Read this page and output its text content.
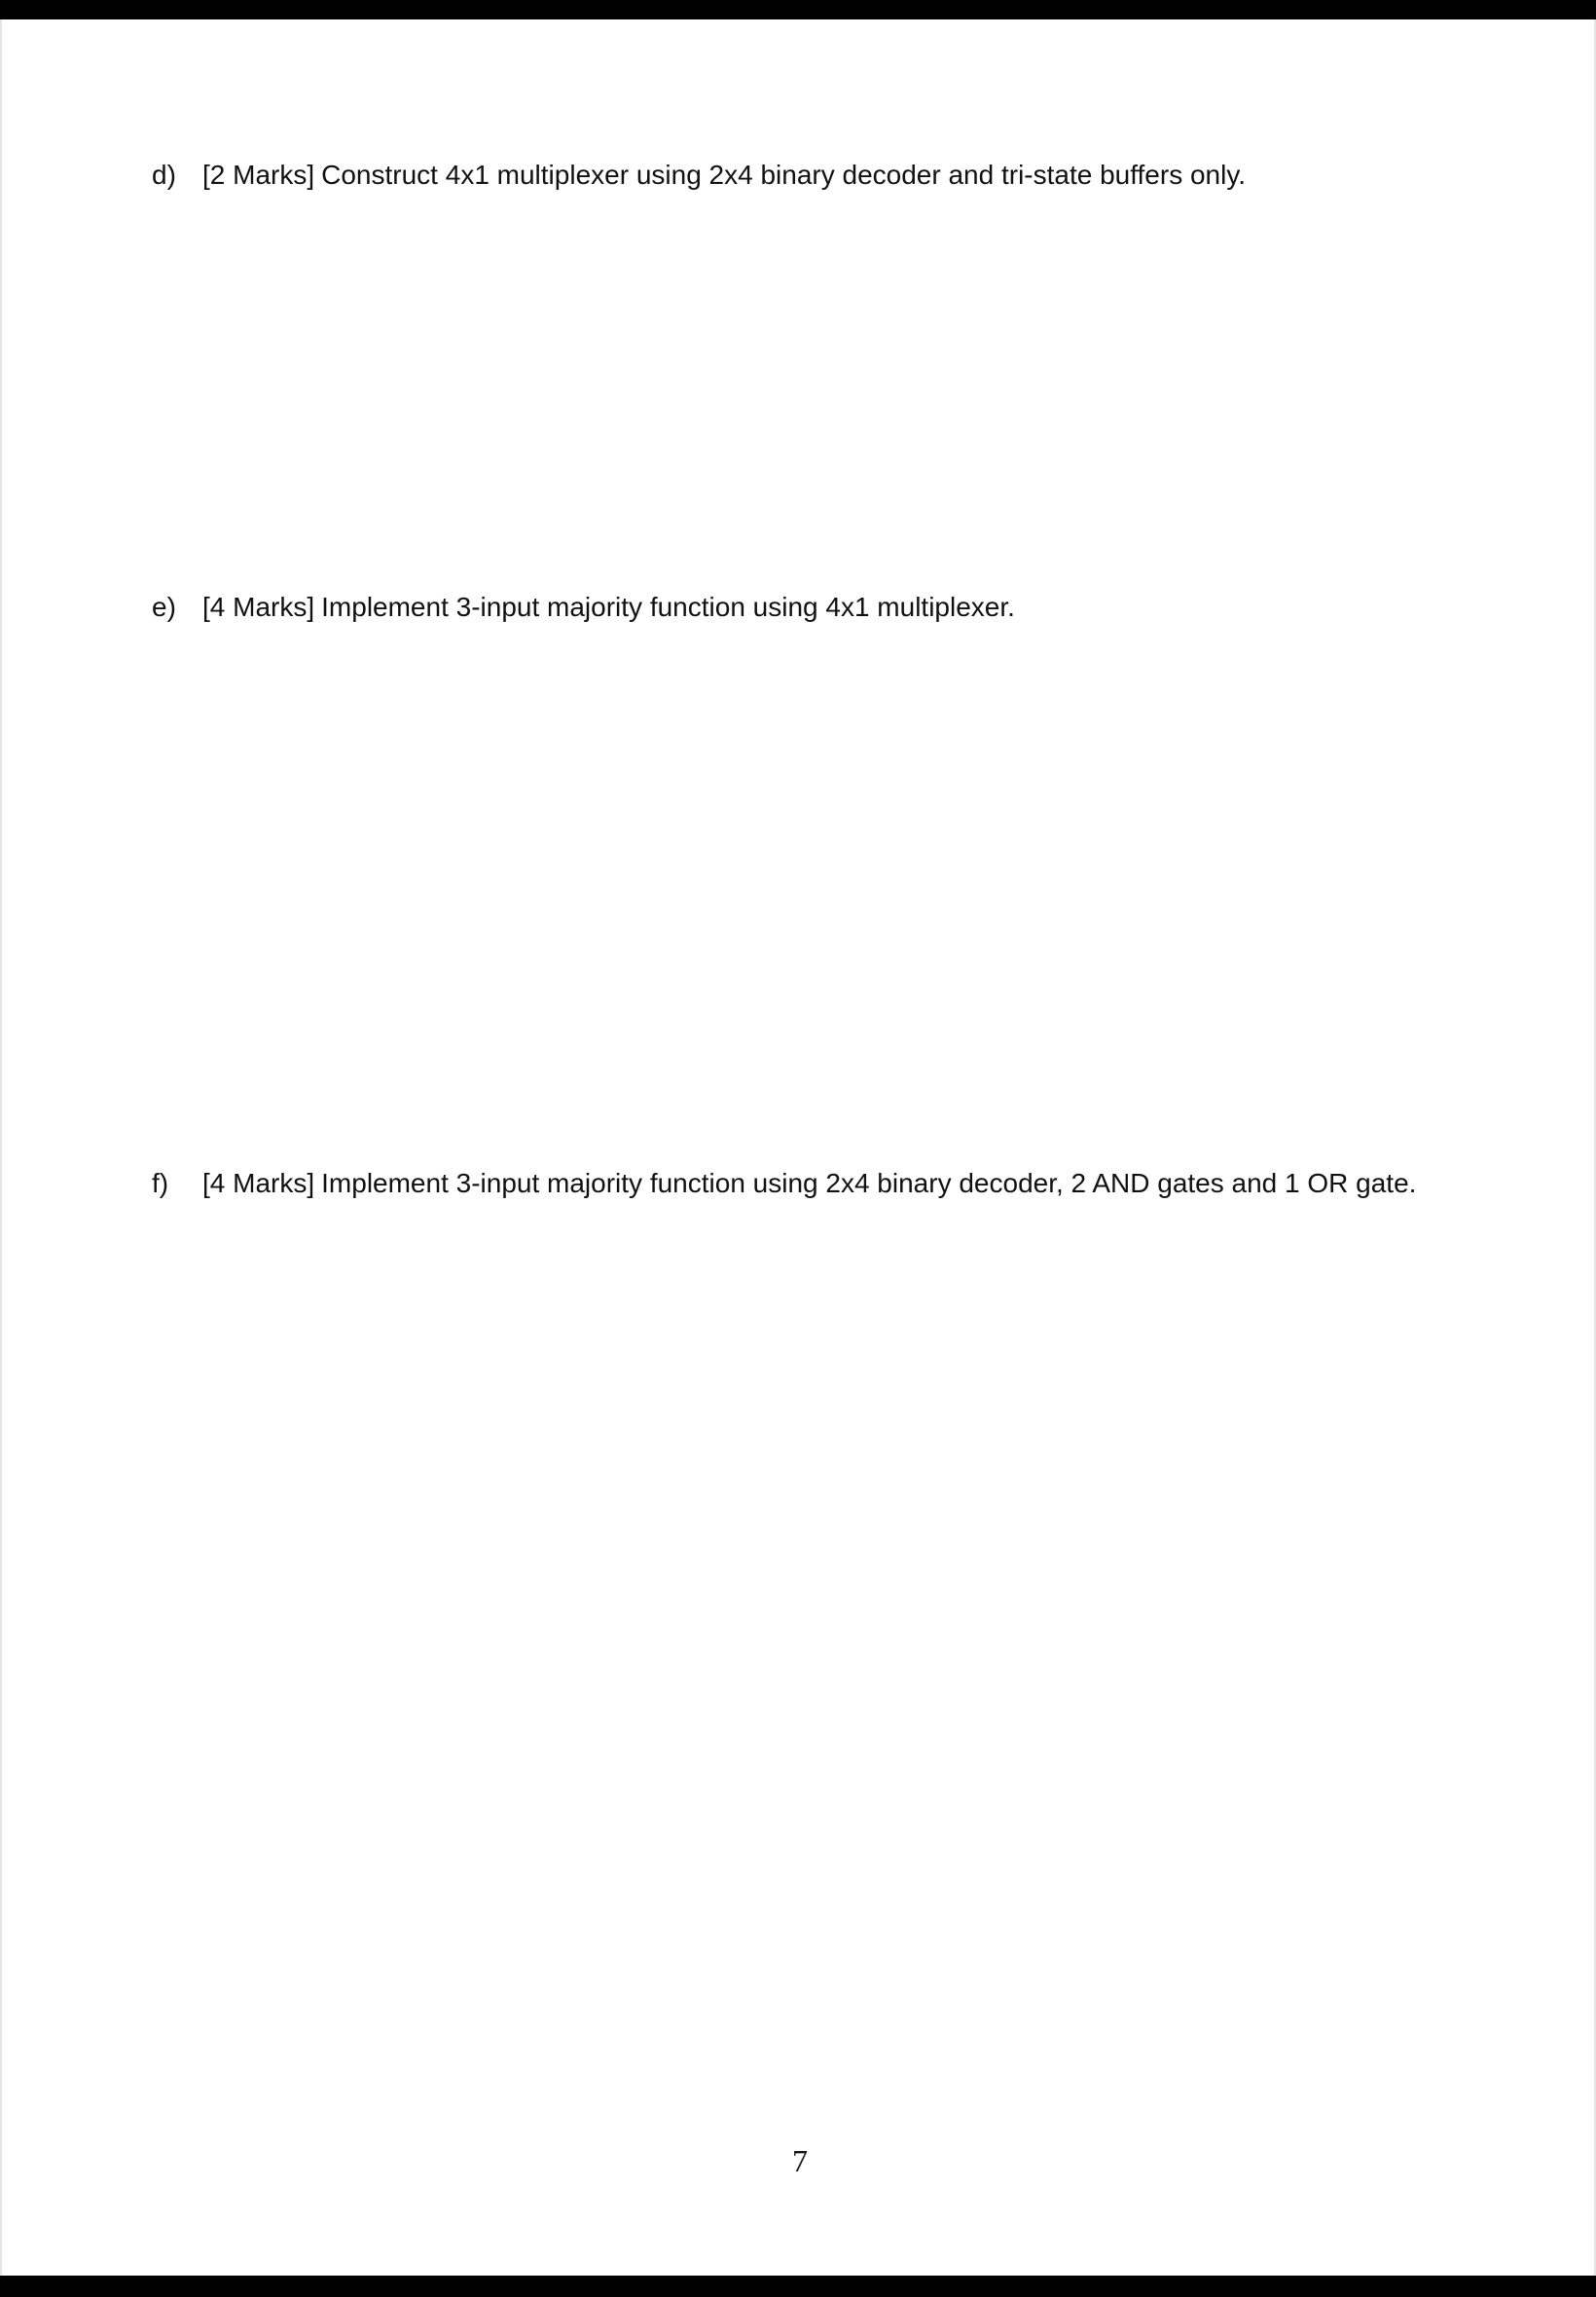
d) [2 Marks] Construct 4x1 multiplexer using 2x4 binary decoder and tri-state buffers only.
e) [4 Marks] Implement 3-input majority function using 4x1 multiplexer.
f) [4 Marks] Implement 3-input majority function using 2x4 binary decoder, 2 AND gates and 1 OR gate.
7
